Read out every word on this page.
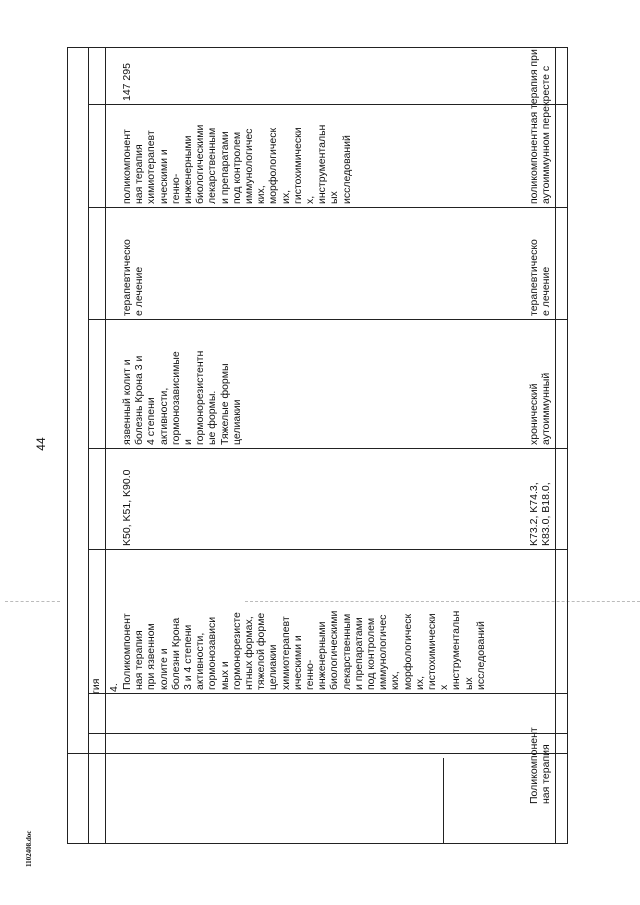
44
1102408.doc
гия 4. Поликомпонент
ная терапия
при язвенном
колите и
болезни Крона
3 и 4 степени
активности,
гормонозависи
мых и
гормонорезисте
нтных формах,
тяжелой форме
целиакии
химиотерапевт
ическими и
генно-
инженерными
биологическими
лекарственным
и препаратами
под контролем
иммунологичес
ких,
морфологическ
их,
гистохимически
х
инструментальн
ых
исследований
K50, K51, K90.0
язвенный колит и
болезнь Крона 3 и
4 степени
активности,
гормонозависимые
и
гормонорезистентн
ые формы.
Тяжелые формы
целиакии
терапевтическо
е лечение
поликомпонент
ная терапия
химиотерапевт
ическими и
генно-
инженерными
биологическими
лекарственным
и препаратами
под контролем
иммунологичес
ких,
морфологическ
их,
гистохимически
х,
инструментальн
ых
исследований
147 295
Поликомпонент
ная терапия
K73.2, K74.3,
K83.0, B18.0,
хронический
аутоиммунный
терапевтическо
е лечение
поликомпонентная терапия при
аутоиммунном перекресте с
